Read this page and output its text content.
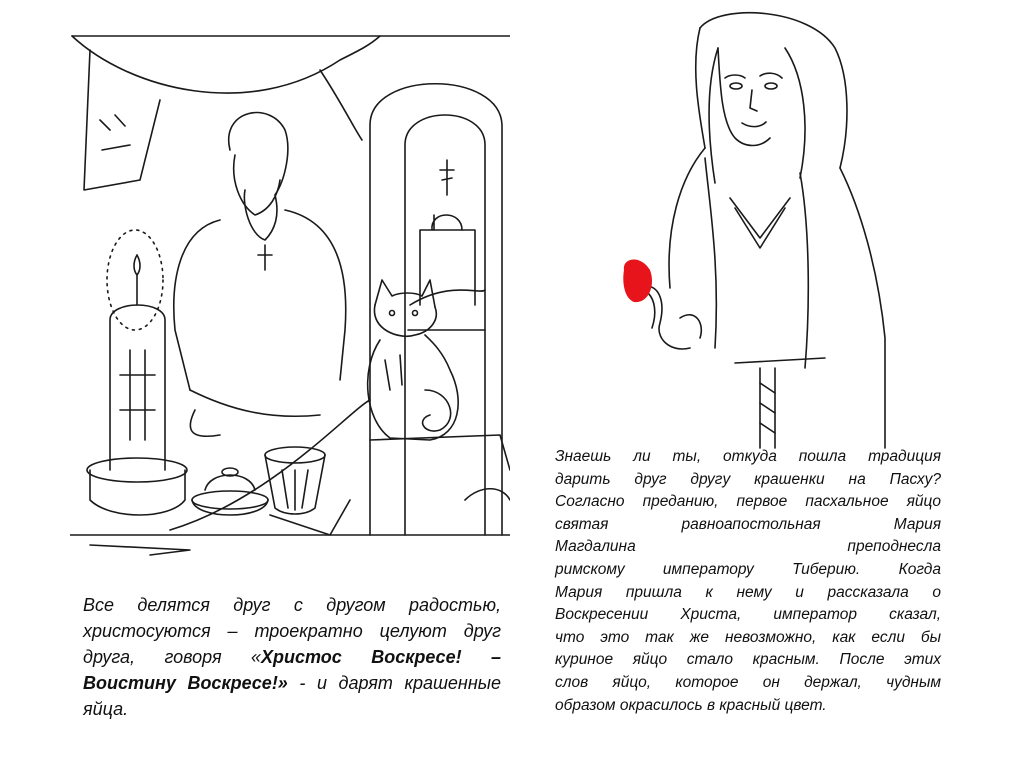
Все делятся друг с другом радостью, христосуются – троекратно целуют друг друга, говоря «Христос Воскресе! – Воистину Воскресе!» - и дарят крашенные яйца.

Знаешь ли ты, откуда пошла традиция
дарить друг другу крашенки на Пасху?
Согласно преданию, первое пасхальное яйцо
святая равноапостольная Мария
Магдалина преподнесла
римскому императору Тиберию. Когда
Мария пришла к нему и рассказала о
Воскресении Христа, император сказал,
что это так же невозможно, как если бы
куриное яйцо стало красным. После этих
слов яйцо, которое он держал, чудным
образом окрасилось в красный цвет.
